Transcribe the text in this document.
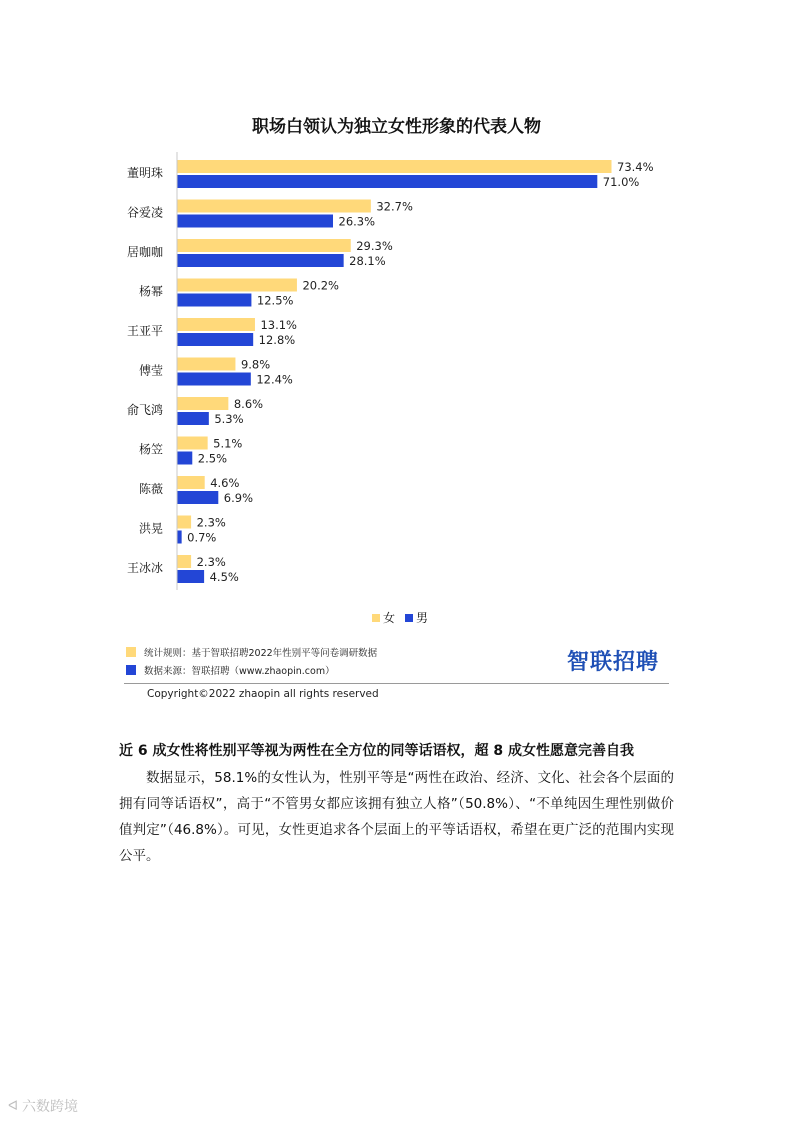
职场白领认为独立女性形象的代表人物
董明珠	73.4%
71.0%
谷爱凌	32.7%
26.3%
居咖咖	29.3%
28.1%
杨幂	20.2%
12.5%
王亚平	13.1%
12.8%
傅莹	9.8%
12.4%
俞飞鸿	8.6%
5.3%
杨笠	5.1%
2.5%
陈薇	4.6%
6.9%
洪晃	2.3%
0.7%
王冰冰	2.3%
4.5%
女 男
统计规则：基于智联招聘2022年性别平等问卷调研数据
数据来源：智联招聘（www.zhaopin.com）	智联招聘
Copyright©2022 zhaopin all rights reserved
近 6 成女性将性别平等视为两性在全方位的同等话语权，超 8 成女性愿意完善自我
数据显示，58.1%的女性认为，性别平等是“两性在政治、经济、文化、社会各个层面的拥有同等话语权”，高于“不管男女都应该拥有独立人格”（50.8%）、“不单纯因生理性别做价值判定”（46.8%）。可见，女性更追求各个层面上的平等话语权，希望在更广泛的范围内实现公平。
ᐊ 六数跨境
